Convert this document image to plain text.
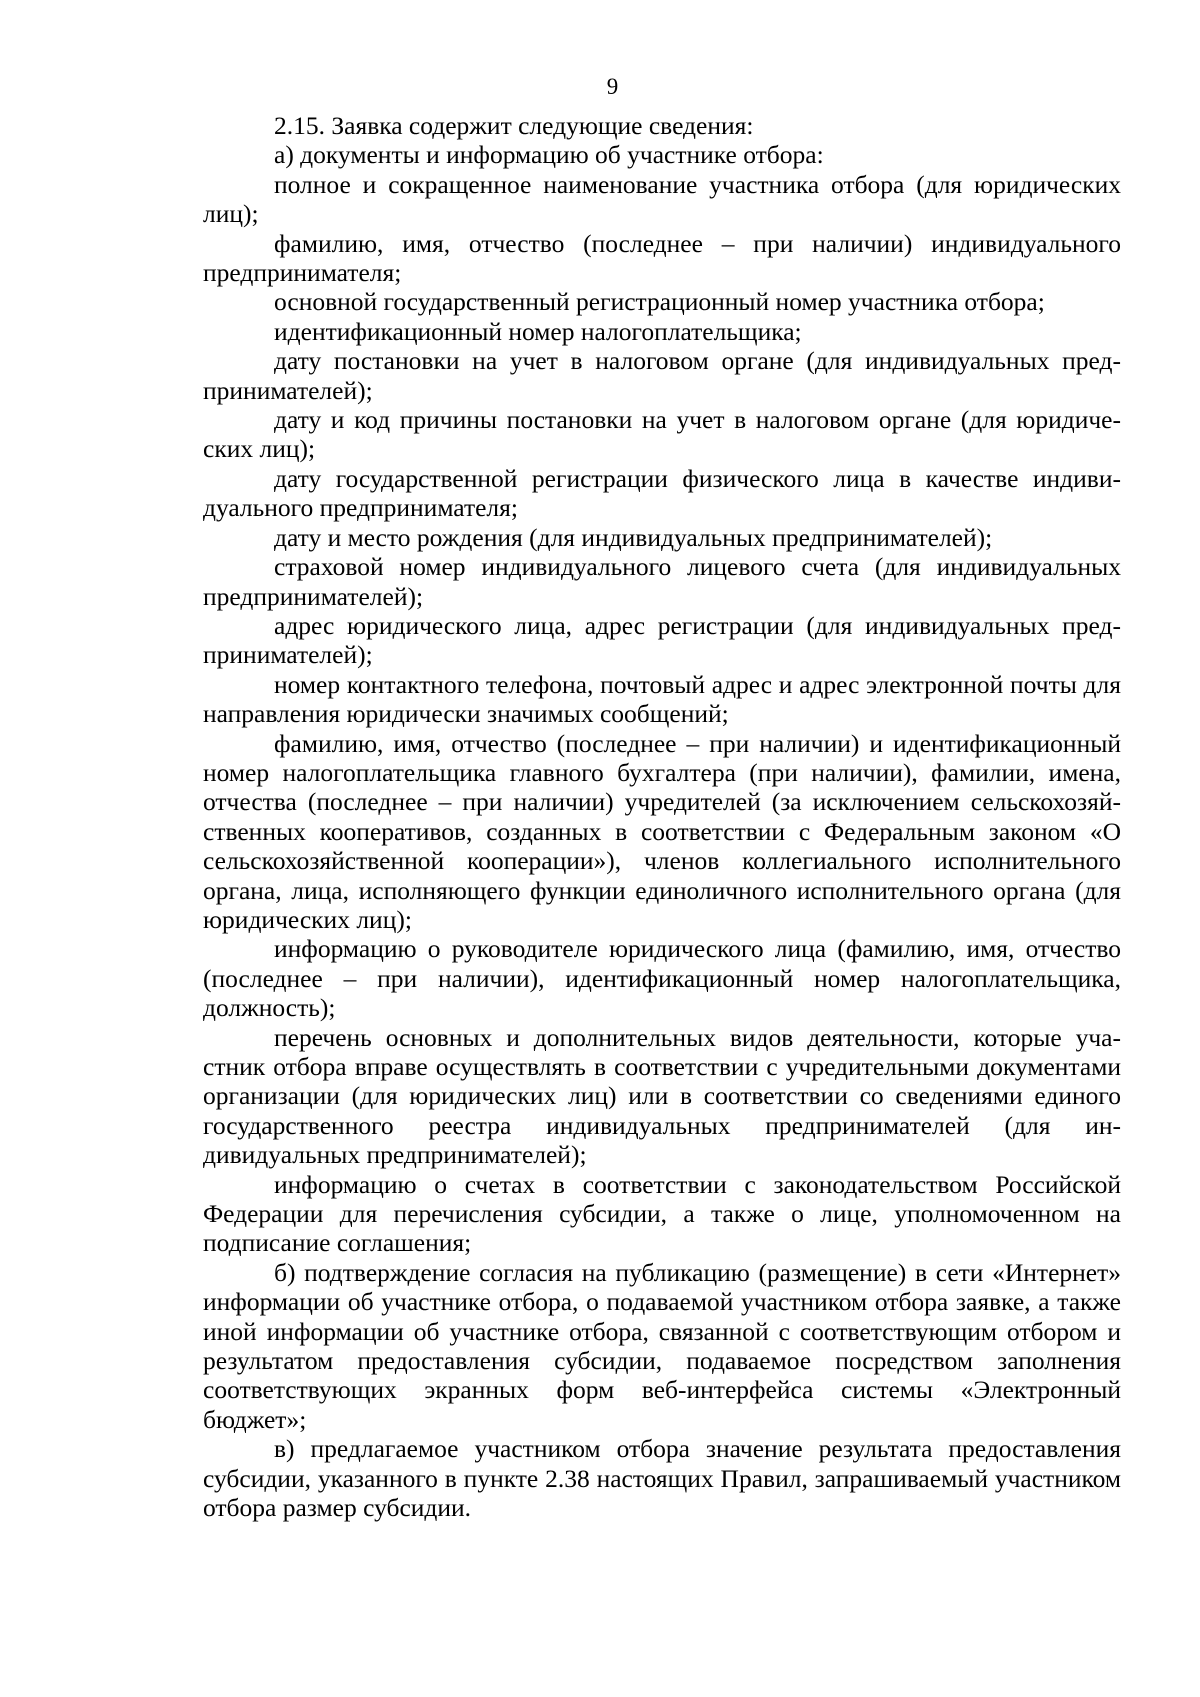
9

2.15. Заявка содержит следующие сведения:

а) документы и информацию об участнике отбора:

полное и сокращенное наименование участника отбора (для юридических лиц);

фамилию, имя, отчество (последнее – при наличии) индивидуального предпринимателя;

основной государственный регистрационный номер участника отбора;

идентификационный номер налогоплательщика;

дату постановки на учет в налоговом органе (для индивидуальных предпринимателей);

дату и код причины постановки на учет в налоговом органе (для юридических лиц);

дату государственной регистрации физического лица в качестве индивидуального предпринимателя;

дату и место рождения (для индивидуальных предпринимателей);

страховой номер индивидуального лицевого счета (для индивидуальных предпринимателей);

адрес юридического лица, адрес регистрации (для индивидуальных предпринимателей);

номер контактного телефона, почтовый адрес и адрес электронной почты для направления юридически значимых сообщений;

фамилию, имя, отчество (последнее – при наличии) и идентификационный номер налогоплательщика главного бухгалтера (при наличии), фамилии, имена, отчества (последнее – при наличии) учредителей (за исключением сельскохозяйственных кооперативов, созданных в соответствии с Федеральным законом «О сельскохозяйственной кооперации»), членов коллегиального исполнительного органа, лица, исполняющего функции единоличного исполнительного органа (для юридических лиц);

информацию о руководителе юридического лица (фамилию, имя, отчество (последнее – при наличии), идентификационный номер налогоплательщика, должность);

перечень основных и дополнительных видов деятельности, которые участник отбора вправе осуществлять в соответствии с учредительными документами организации (для юридических лиц) или в соответствии со сведениями единого государственного реестра индивидуальных предпринимателей (для индивидуальных предпринимателей);

информацию о счетах в соответствии с законодательством Российской Федерации для перечисления субсидии, а также о лице, уполномоченном на подписание соглашения;

б) подтверждение согласия на публикацию (размещение) в сети «Интернет» информации об участнике отбора, о подаваемой участником отбора заявке, а также иной информации об участнике отбора, связанной с соответствующим отбором и результатом предоставления субсидии, подаваемое посредством заполнения соответствующих экранных форм веб-интерфейса системы «Электронный бюджет»;

в) предлагаемое участником отбора значение результата предоставления субсидии, указанного в пункте 2.38 настоящих Правил, запрашиваемый участником отбора размер субсидии.
